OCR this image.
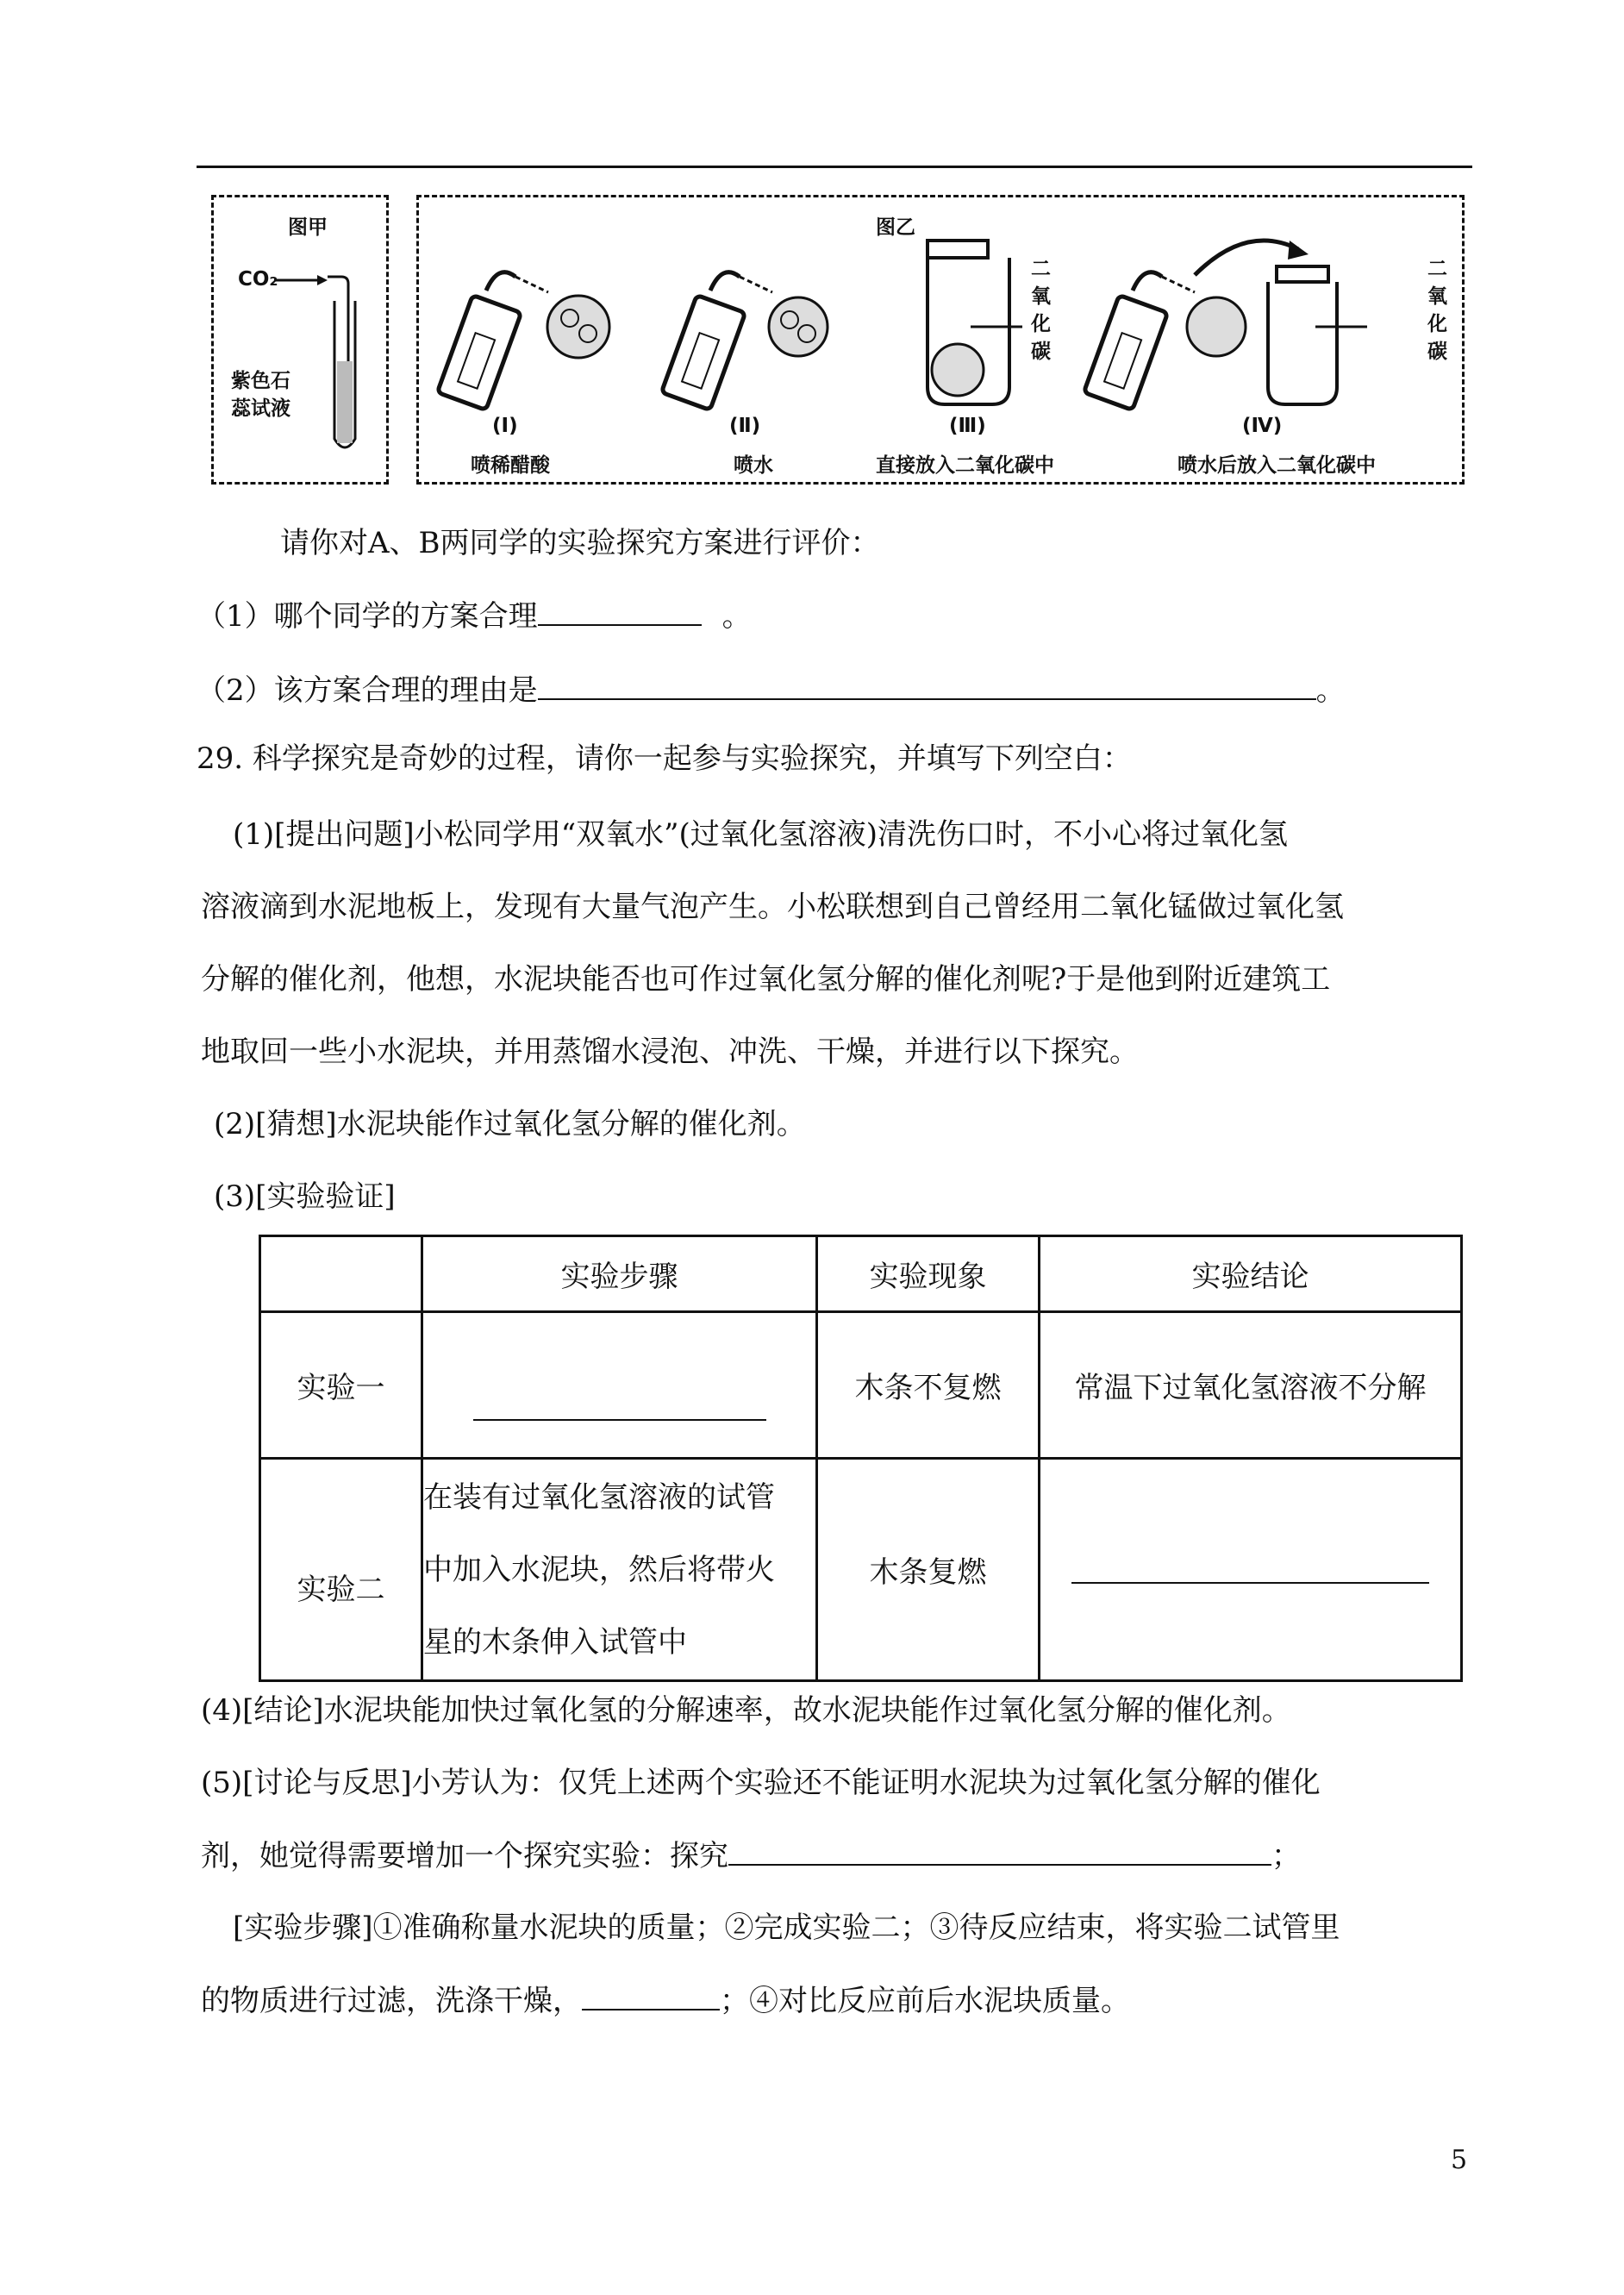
图甲
CO₂
紫色石
蕊试液
图乙
二
氧
化
碳
二
氧
化
碳
(Ⅰ)	(Ⅱ)	(Ⅲ)	(Ⅳ)
喷稀醋酸	喷水	直接放入二氧化碳中	喷水后放入二氧化碳中
请你对A、B两同学的实验探究方案进行评价：
（1）哪个同学的方案合理	。
（2）该方案合理的理由是	。
29. 科学探究是奇妙的过程，请你一起参与实验探究，并填写下列空白：
(1)[提出问题]小松同学用“双氧水”(过氧化氢溶液)清洗伤口时，不小心将过氧化氢
溶液滴到水泥地板上，发现有大量气泡产生。小松联想到自己曾经用二氧化锰做过氧化氢
分解的催化剂，他想，水泥块能否也可作过氧化氢分解的催化剂呢?于是他到附近建筑工
地取回一些小水泥块，并用蒸馏水浸泡、冲洗、干燥，并进行以下探究。
(2)[猜想]水泥块能作过氧化氢分解的催化剂。
(3)[实验验证]
	实验步骤	实验现象	实验结论
实验一		木条不复燃	常温下过氧化氢溶液不分解
实验二	在装有过氧化氢溶液的试管
中加入水泥块，然后将带火
星的木条伸入试管中	木条复燃	
(4)[结论]水泥块能加快过氧化氢的分解速率，故水泥块能作过氧化氢分解的催化剂。
(5)[讨论与反思]小芳认为：仅凭上述两个实验还不能证明水泥块为过氧化氢分解的催化
剂，她觉得需要增加一个探究实验：探究	；
[实验步骤]①准确称量水泥块的质量；②完成实验二；③待反应结束，将实验二试管里
的物质进行过滤，洗涤干燥，	；④对比反应前后水泥块质量。
5
